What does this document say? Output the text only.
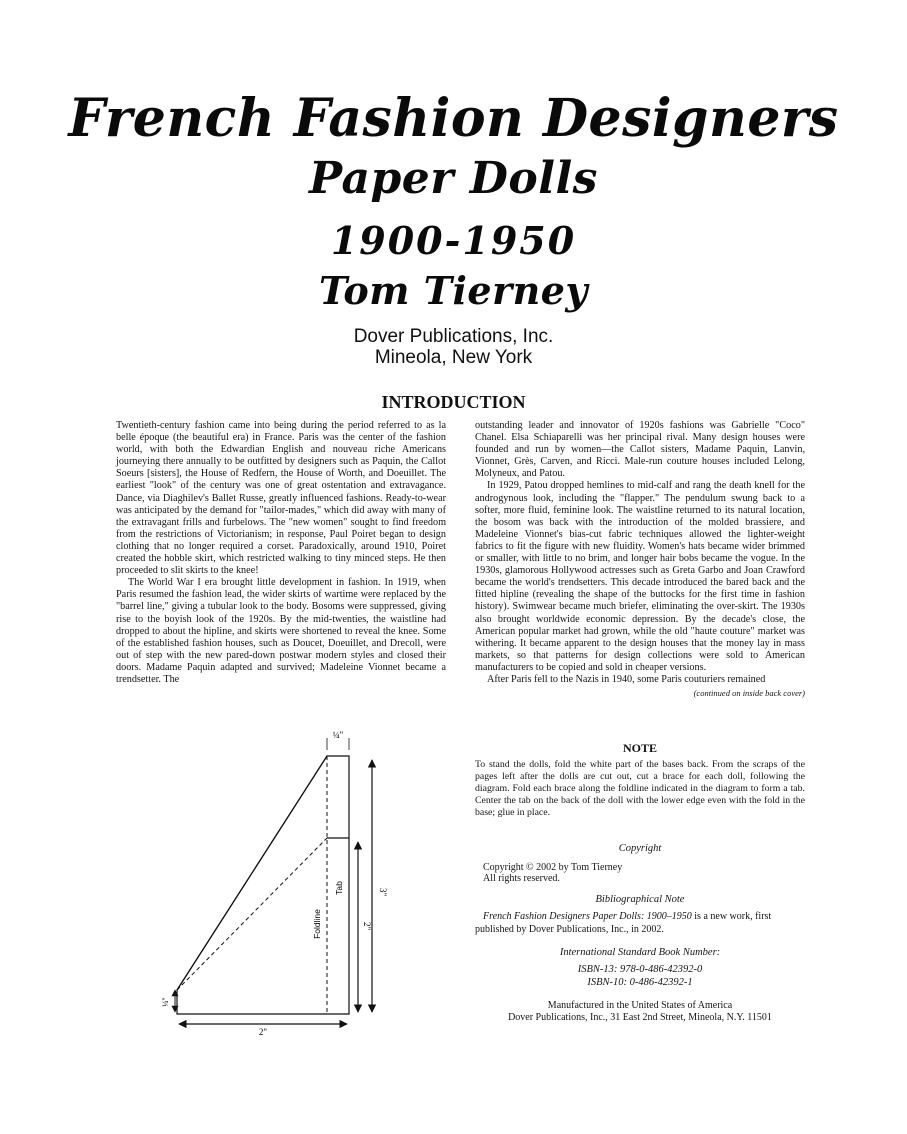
French Fashion Designers
Paper Dolls
1900-1950
Tom Tierney

Dover Publications, Inc.

Mineola, New York

INTRODUCTION

Twentieth-century fashion came into being during the period referred to as la belle époque (the beautiful era) in France. Paris was the center of the fashion world, with both the Edwardian English and nouveau riche Americans journeying there annually to be outfitted by designers such as Paquin, the Callot Soeurs [sisters], the House of Redfern, the House of Worth, and Doeuillet. The earliest "look" of the century was one of great ostentation and extravagance. Dance, via Diaghilev's Ballet Russe, greatly influenced fashions. Ready-to-wear was anticipated by the demand for "tailor-mades," which did away with many of the extravagant frills and furbelows. The "new women" sought to find freedom from the restrictions of Victorianism; in response, Paul Poiret began to design clothing that no longer required a corset. Paradoxically, around 1910, Poiret created the hobble skirt, which restricted walking to tiny minced steps. He then proceeded to slit skirts to the knee!

The World War I era brought little development in fashion. In 1919, when Paris resumed the fashion lead, the wider skirts of wartime were replaced by the "barrel line," giving a tubular look to the body. Bosoms were suppressed, giving rise to the boyish look of the 1920s. By the mid-twenties, the waistline had dropped to about the hipline, and skirts were shortened to reveal the knee. Some of the established fashion houses, such as Doucet, Doeuillet, and Drecoll, were out of step with the new pared-down postwar modern styles and closed their doors. Madame Paquin adapted and survived; Madeleine Vionnet became a trendsetter. The

outstanding leader and innovator of 1920s fashions was Gabrielle "Coco" Chanel. Elsa Schiaparelli was her principal rival. Many design houses were founded and run by women—the Callot sisters, Madame Paquin, Lanvin, Vionnet, Grès, Carven, and Ricci. Male-run couture houses included Lelong, Molyneux, and Patou.

In 1929, Patou dropped hemlines to mid-calf and rang the death knell for the androgynous look, including the "flapper." The pendulum swung back to a softer, more fluid, feminine look. The waistline returned to its natural location, the bosom was back with the introduction of the molded brassiere, and Madeleine Vionnet's bias-cut fabric techniques allowed the lighter-weight fabrics to fit the figure with new fluidity. Women's hats became wider brimmed or smaller, with little to no brim, and longer hair bobs became the vogue. In the 1930s, glamorous Hollywood actresses such as Greta Garbo and Joan Crawford became the world's trendsetters. This decade introduced the bared back and the fitted hipline (revealing the shape of the buttocks for the first time in fashion history). Swimwear became much briefer, eliminating the over-skirt. The 1930s also brought worldwide economic depression. By the decade's close, the American popular market had grown, while the old "haute couture" market was withering. It became apparent to the design houses that the money lay in mass markets, so that patterns for design collections were sold to American manufacturers to be copied and sold in cheaper versions.

After Paris fell to the Nazis in 1940, some Paris couturiers remained

(continued on inside back cover)
¼"
3"
2"
Foldline
Tab
¼"
2"
NOTE

To stand the dolls, fold the white part of the bases back. From the scraps of the pages left after the dolls are cut out, cut a brace for each doll, following the diagram. Fold each brace along the foldline indicated in the diagram to form a tab. Center the tab on the back of the doll with the lower edge even with the fold in the base; glue in place.

Copyright

Copyright © 2002 by Tom Tierney

All rights reserved.

Bibliographical Note

French Fashion Designers Paper Dolls: 1900–1950 is a new work, first published by Dover Publications, Inc., in 2002.

International Standard Book Number:

ISBN-13: 978-0-486-42392-0

ISBN-10: 0-486-42392-1

Manufactured in the United States of America

Dover Publications, Inc., 31 East 2nd Street, Mineola, N.Y. 11501
